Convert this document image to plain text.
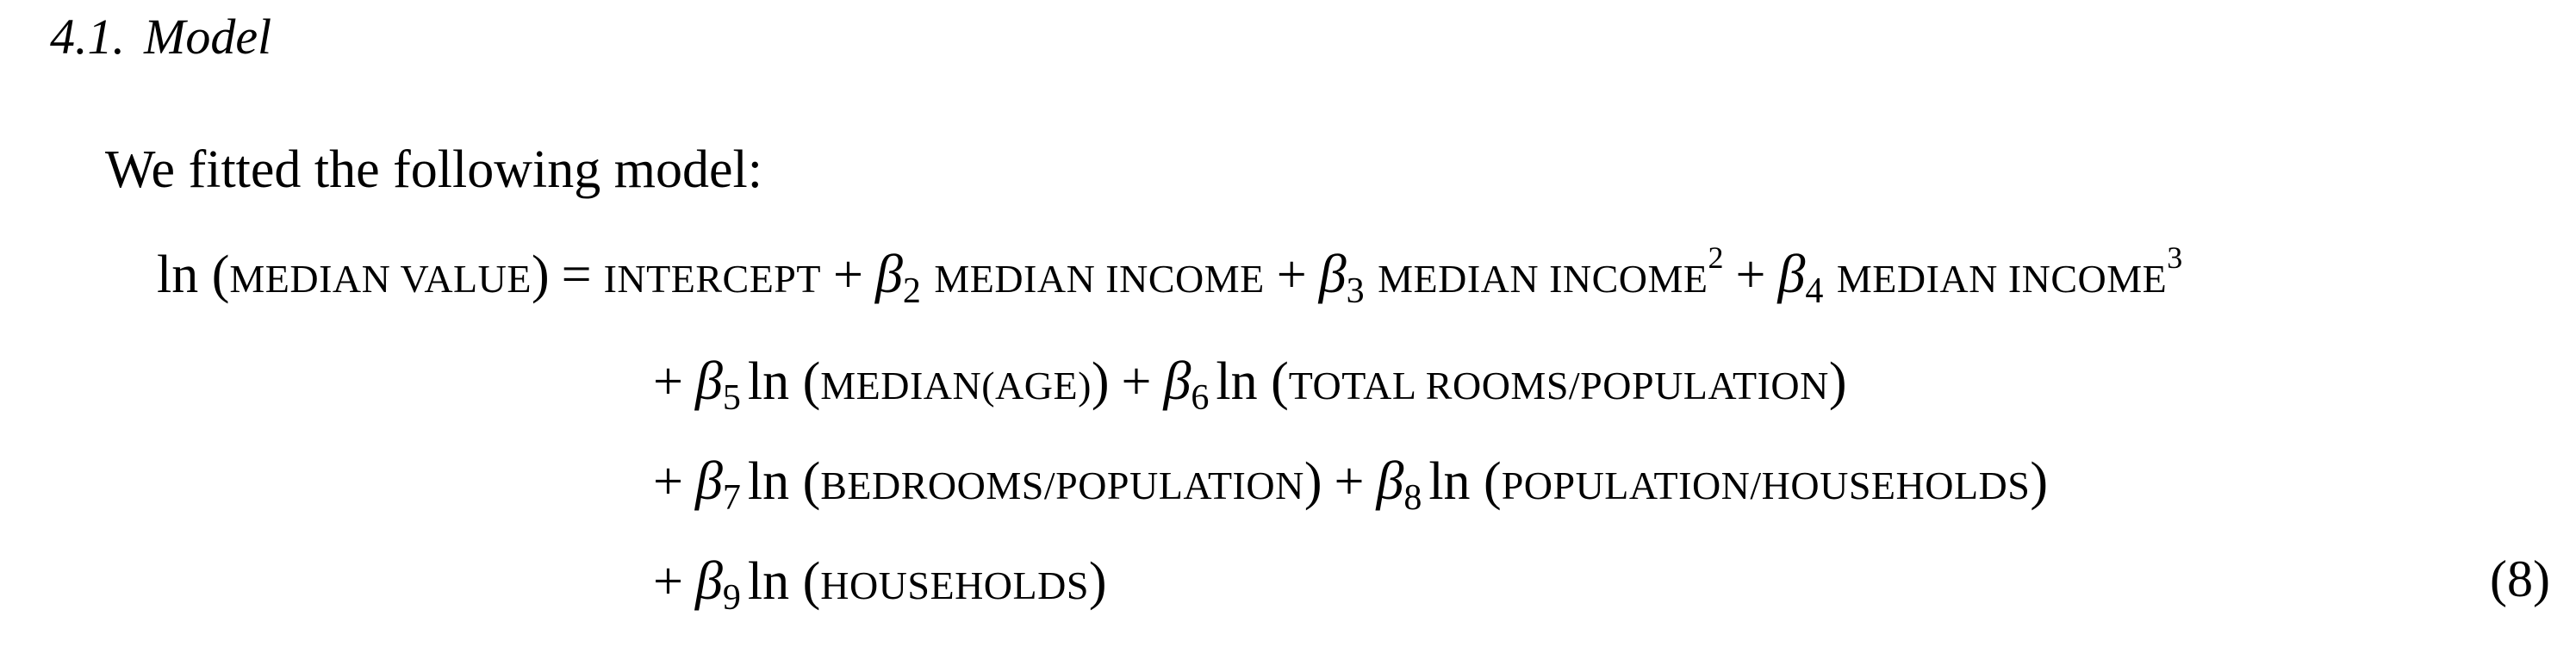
4.1. Model
We fitted the following model:
ln (MEDIAN VALUE) = INTERCEPT + $\beta_2$ MEDIAN INCOME + $\beta_3$ MEDIAN $INCOME^2 + \beta_4$ MEDIAN $INCOME^3$
+ $\beta_5$ ln (MEDIAN(AGE)) + $\beta_6$ ln (TOTAL ROOMS/POPULATION)
+ $\beta_7$ ln (BEDROOMS/POPULATION) + $\beta_8$ ln (POPULATION/HOUSEHOLDS)
+ $\beta_9$ ln (HOUSEHOLDS)	(8)
